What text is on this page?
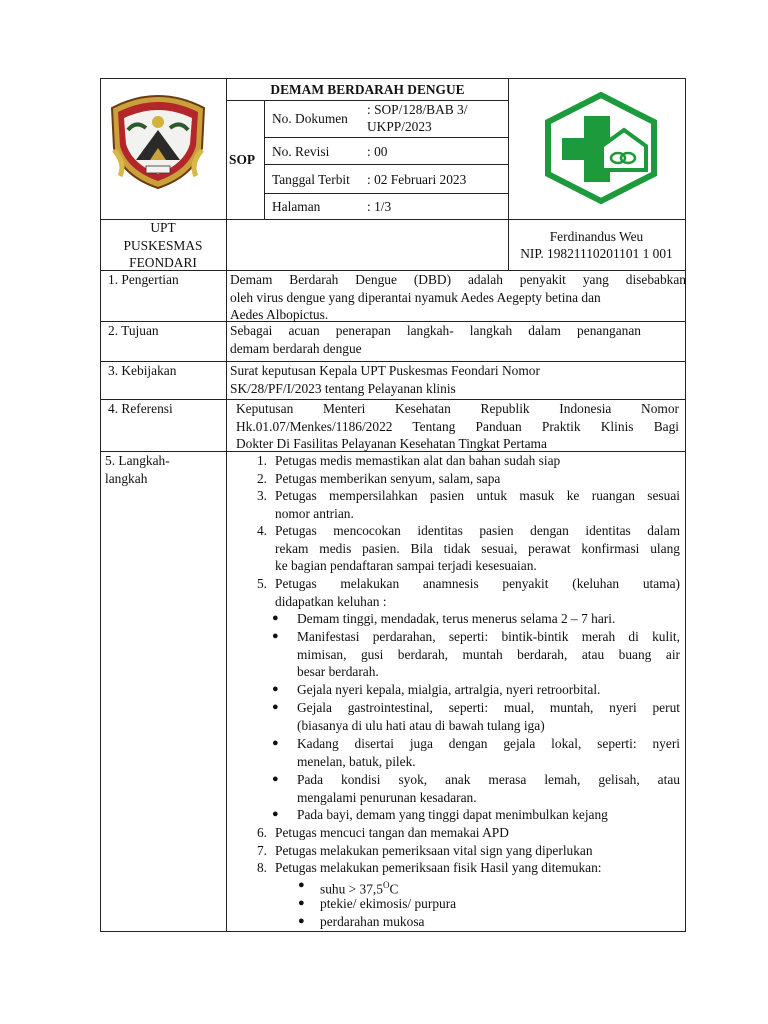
DEMAM BERDARAH DENGUE
SOP
No. Dokumen
: SOP/128/BAB 3/
UKPP/2023
No. Revisi	: 00
Tanggal Terbit : 02 Februari 2023
Halaman	: 1/3
UPT
PUSKESMAS
FEONDARI
Ferdinandus Weu
NIP. 19821110201101 1 001
1. Pengertian	Demam Berdarah Dengue (DBD) adalah penyakit yang disebabkan
oleh virus dengue yang diperantai nyamuk Aedes Aegepty betina dan
Aedes Albopictus.
2. Tujuan	Sebagai acuan penerapan langkah- langkah dalam penanganan
demam berdarah dengue
3. Kebijakan	Surat keputusan Kepala UPT Puskesmas Feondari Nomor
SK/28/PF/I/2023 tentang Pelayanan klinis
4. Referensi	Keputusan Menteri Kesehatan Republik Indonesia Nomor
Hk.01.07/Menkes/1186/2022 Tentang Panduan Praktik Klinis Bagi
Dokter Di Fasilitas Pelayanan Kesehatan Tingkat Pertama
5. Langkah-
langkah
1. Petugas medis memastikan alat dan bahan sudah siap
2. Petugas memberikan senyum, salam, sapa
3. Petugas mempersilahkan pasien untuk masuk ke ruangan sesuai
nomor antrian.
4. Petugas mencocokan identitas pasien dengan identitas dalam
rekam medis pasien. Bila tidak sesuai, perawat konfirmasi ulang
ke bagian pendaftaran sampai terjadi kesesuaian.
5. Petugas melakukan anamnesis penyakit (keluhan utama)
didapatkan keluhan :
● Demam tinggi, mendadak, terus menerus selama 2 – 7 hari.
● Manifestasi perdarahan, seperti: bintik-bintik merah di kulit,
mimisan, gusi berdarah, muntah berdarah, atau buang air
besar berdarah.
● Gejala nyeri kepala, mialgia, artralgia, nyeri retroorbital.
● Gejala gastrointestinal, seperti: mual, muntah, nyeri perut
(biasanya di ulu hati atau di bawah tulang iga)
● Kadang disertai juga dengan gejala lokal, seperti: nyeri
menelan, batuk, pilek.
● Pada kondisi syok, anak merasa lemah, gelisah, atau
mengalami penurunan kesadaran.
● Pada bayi, demam yang tinggi dapat menimbulkan kejang
6. Petugas mencuci tangan dan memakai APD
7. Petugas melakukan pemeriksaan vital sign yang diperlukan
8. Petugas melakukan pemeriksaan fisik Hasil yang ditemukan:
● suhu > $37,5^OC$
● ptekie/ ekimosis/ purpura
● perdarahan mukosa
